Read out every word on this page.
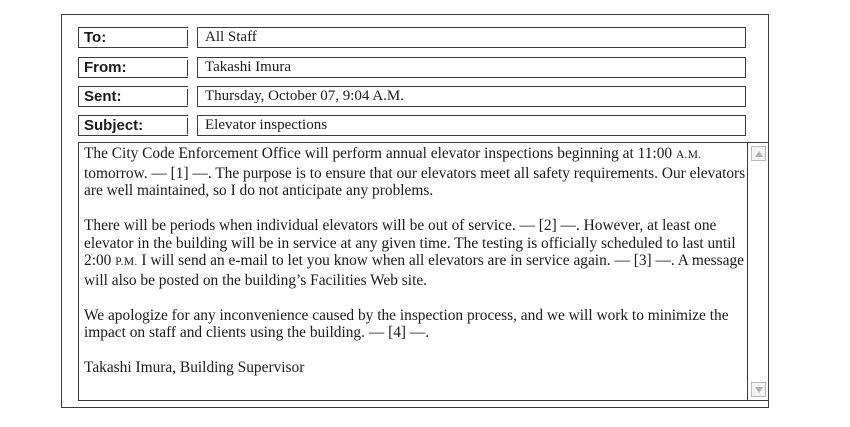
To:	All Staff
From:	Takashi Imura
Sent:	Thursday, October 07, 9:04 A.M.
Subject:	Elevator inspections

The City Code Enforcement Office will perform annual elevator inspections beginning at 11:00 A.M. tomorrow. — [1] —. The purpose is to ensure that our elevators meet all safety requirements. Our elevators are well maintained, so I do not anticipate any problems.

There will be periods when individual elevators will be out of service. — [2] —. However, at least one elevator in the building will be in service at any given time. The testing is officially scheduled to last until 2:00 P.M. I will send an e-mail to let you know when all elevators are in service again. — [3] —. A message will also be posted on the building’s Facilities Web site.

We apologize for any inconvenience caused by the inspection process, and we will work to minimize the impact on staff and clients using the building. — [4] —.

Takashi Imura, Building Supervisor
